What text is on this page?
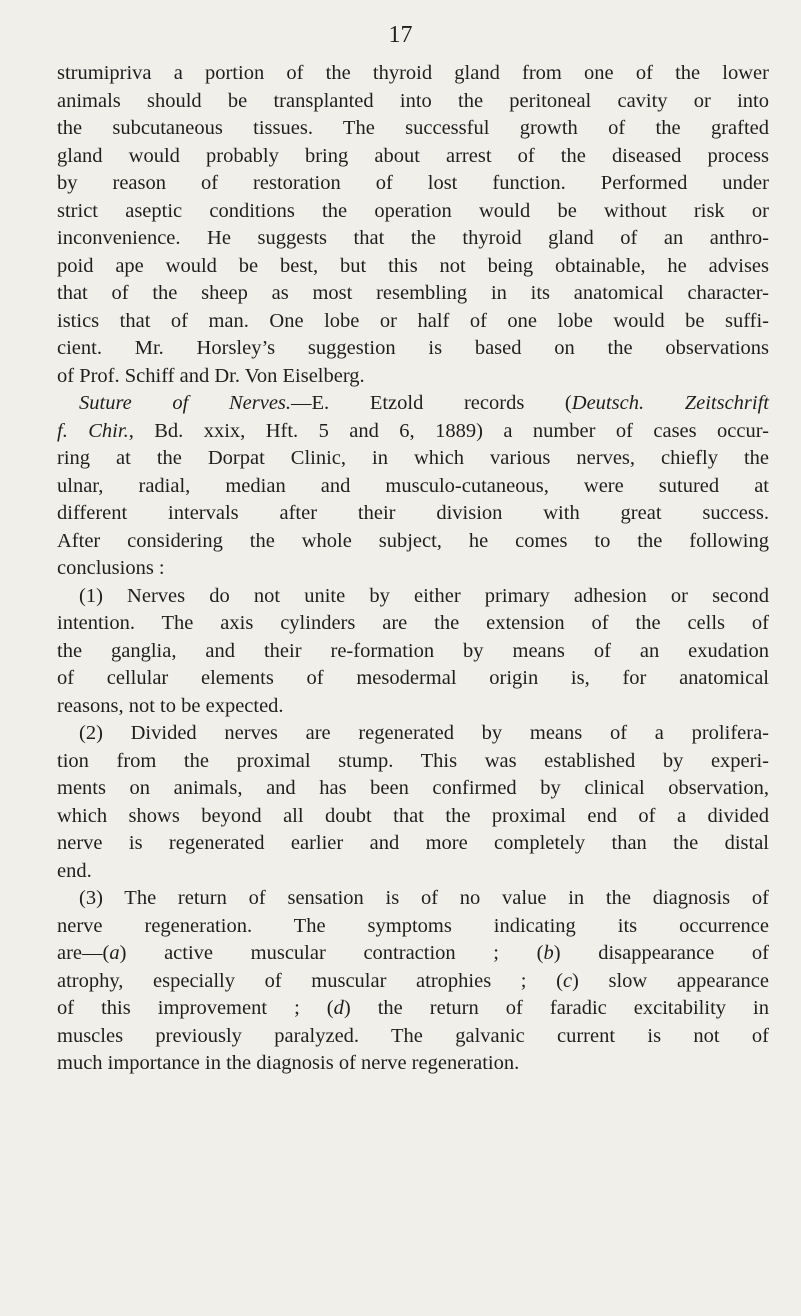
17
strumipriva a portion of the thyroid gland from one of the lower
animals should be transplanted into the peritoneal cavity or into
the subcutaneous tissues. The successful growth of the grafted
gland would probably bring about arrest of the diseased process
by reason of restoration of lost function. Performed under
strict aseptic conditions the operation would be without risk or
inconvenience. He suggests that the thyroid gland of an anthro-
poid ape would be best, but this not being obtainable, he advises
that of the sheep as most resembling in its anatomical character-
istics that of man. One lobe or half of one lobe would be suffi-
cient. Mr. Horsley’s suggestion is based on the observations
of Prof. Schiff and Dr. Von Eiselberg.
Suture of Nerves.—E. Etzold records (Deutsch. Zeitschrift
f. Chir., Bd. xxix, Hft. 5 and 6, 1889) a number of cases occur-
ring at the Dorpat Clinic, in which various nerves, chiefly the
ulnar, radial, median and musculo-cutaneous, were sutured at
different intervals after their division with great success.
After considering the whole subject, he comes to the following
conclusions :
(1) Nerves do not unite by either primary adhesion or second
intention. The axis cylinders are the extension of the cells of
the ganglia, and their re-formation by means of an exudation
of cellular elements of mesodermal origin is, for anatomical
reasons, not to be expected.
(2) Divided nerves are regenerated by means of a prolifera-
tion from the proximal stump. This was established by experi-
ments on animals, and has been confirmed by clinical observation,
which shows beyond all doubt that the proximal end of a divided
nerve is regenerated earlier and more completely than the distal
end.
(3) The return of sensation is of no value in the diagnosis of
nerve regeneration. The symptoms indicating its occurrence
are—(a) active muscular contraction ; (b) disappearance of
atrophy, especially of muscular atrophies ; (c) slow appearance
of this improvement ; (d) the return of faradic excitability in
muscles previously paralyzed. The galvanic current is not of
much importance in the diagnosis of nerve regeneration.
